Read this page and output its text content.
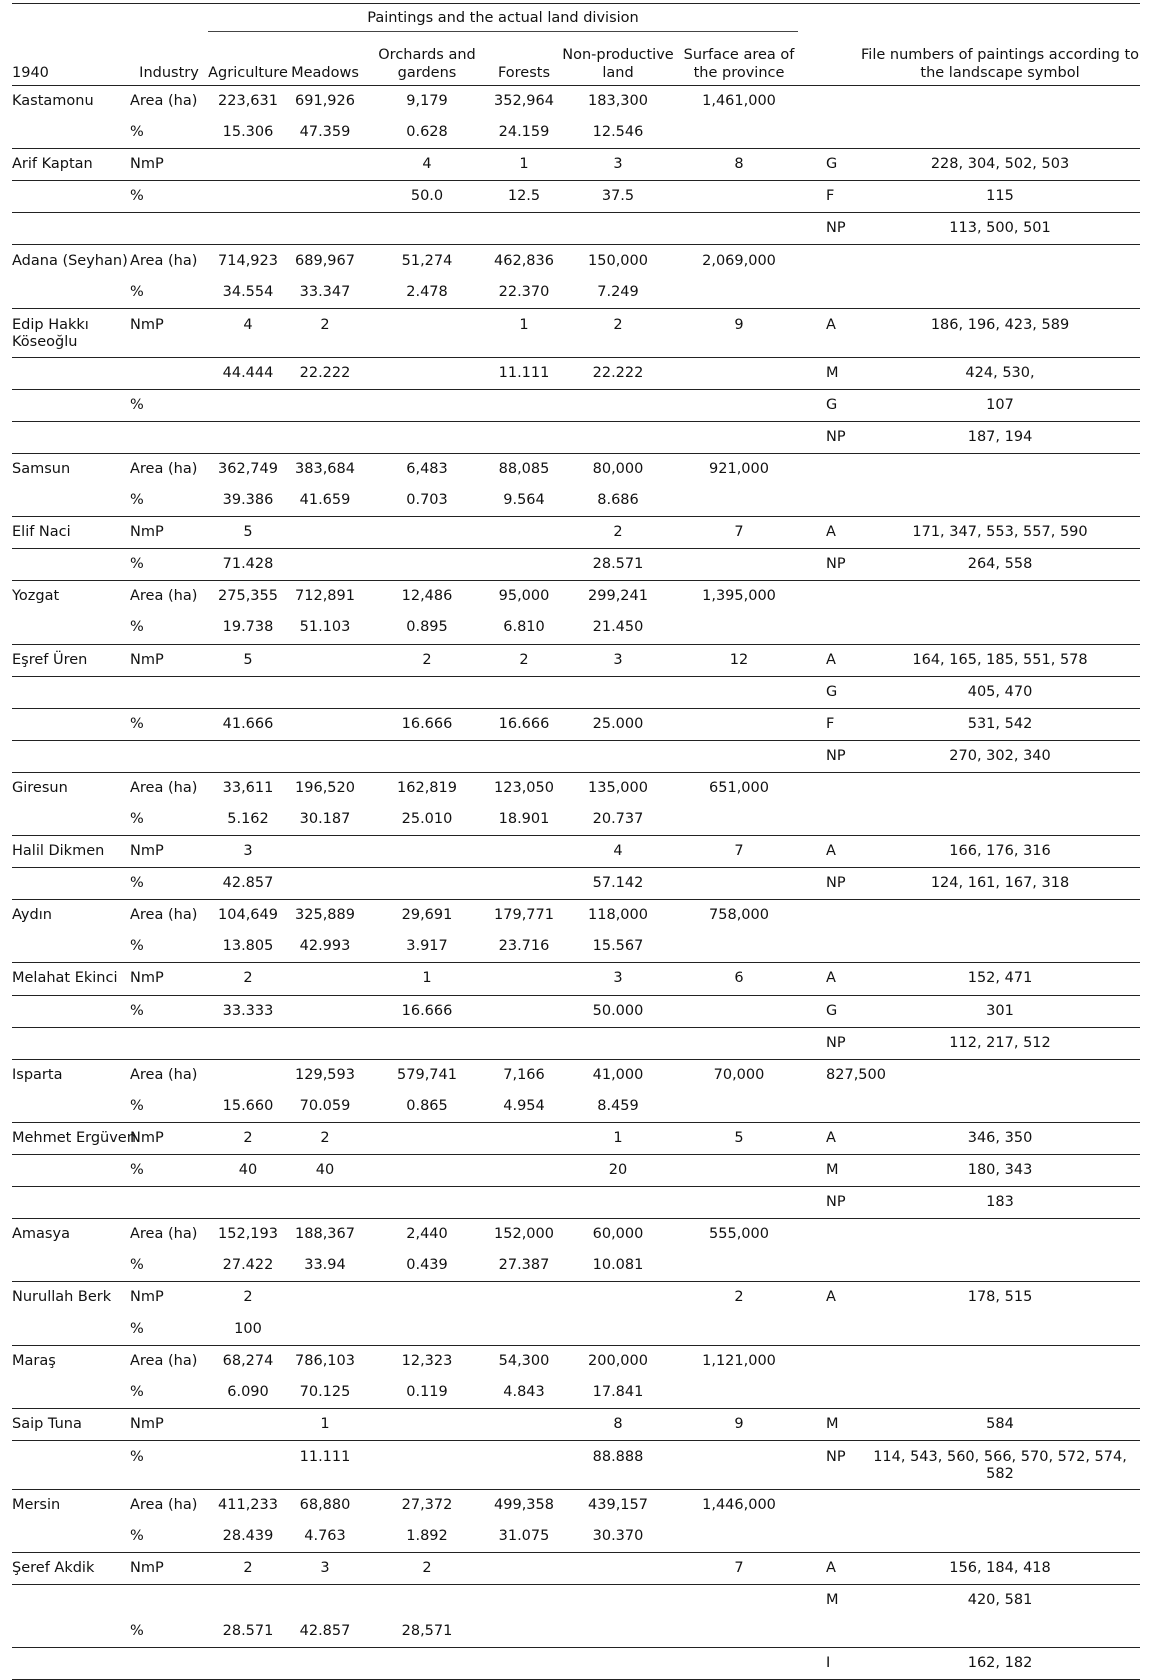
		Paintings and the actual land division							
1940	Industry	Agriculture	Meadows	Orchards and gardens	Forests	Non-productive land	Surface area of the province		File numbers of paintings according to the landscape symbol
Kastamonu	Area (ha)	223,631	691,926	9,179	352,964	183,300	1,461,000		
	%	15.306	47.359	0.628	24.159	12.546			
Arif Kaptan	NmP			4	1	3	8	G	228, 304, 502, 503
	%			50.0	12.5	37.5		F	115
								NP	113, 500, 501
Adana (Seyhan)	Area (ha)	714,923	689,967	51,274	462,836	150,000	2,069,000		
	%	34.554	33.347	2.478	22.370	7.249			
Edip Hakkı Köseoğlu	NmP	4	2		1	2	9	A	186, 196, 423, 589
		44.444	22.222		11.111	22.222		M	424, 530,
	%							G	107
								NP	187, 194
Samsun	Area (ha)	362,749	383,684	6,483	88,085	80,000	921,000		
	%	39.386	41.659	0.703	9.564	8.686			
Elif Naci	NmP	5				2	7	A	171, 347, 553, 557, 590
	%	71.428				28.571		NP	264, 558
Yozgat	Area (ha)	275,355	712,891	12,486	95,000	299,241	1,395,000		
	%	19.738	51.103	0.895	6.810	21.450			
Eşref Üren	NmP	5		2	2	3	12	A	164, 165, 185, 551, 578
								G	405, 470
	%	41.666		16.666	16.666	25.000		F	531, 542
								NP	270, 302, 340
Giresun	Area (ha)	33,611	196,520	162,819	123,050	135,000	651,000		
	%	5.162	30.187	25.010	18.901	20.737			
Halil Dikmen	NmP	3				4	7	A	166, 176, 316
	%	42.857				57.142		NP	124, 161, 167, 318
Aydın	Area (ha)	104,649	325,889	29,691	179,771	118,000	758,000		
	%	13.805	42.993	3.917	23.716	15.567			
Melahat Ekinci	NmP	2		1		3	6	A	152, 471
	%	33.333		16.666		50.000		G	301
								NP	112, 217, 512
Isparta	Area (ha)		129,593	579,741	7,166	41,000	70,000	827,500	
	%	15.660	70.059	0.865	4.954	8.459			
Mehmet Ergüven	NmP	2	2			1	5	A	346, 350
	%	40	40			20		M	180, 343
								NP	183
Amasya	Area (ha)	152,193	188,367	2,440	152,000	60,000	555,000		
	%	27.422	33.94	0.439	27.387	10.081			
Nurullah Berk	NmP	2					2	A	178, 515
	%	100							
Maraş	Area (ha)	68,274	786,103	12,323	54,300	200,000	1,121,000		
	%	6.090	70.125	0.119	4.843	17.841			
Saip Tuna	NmP		1			8	9	M	584
	%		11.111			88.888		NP	114, 543, 560, 566, 570, 572, 574, 582
Mersin	Area (ha)	411,233	68,880	27,372	499,358	439,157	1,446,000		
	%	28.439	4.763	1.892	31.075	30.370			
Şeref Akdik	NmP	2	3	2			7	A	156, 184, 418
								M	420, 581
	%	28.571	42.857	28,571					
								I	162, 182
